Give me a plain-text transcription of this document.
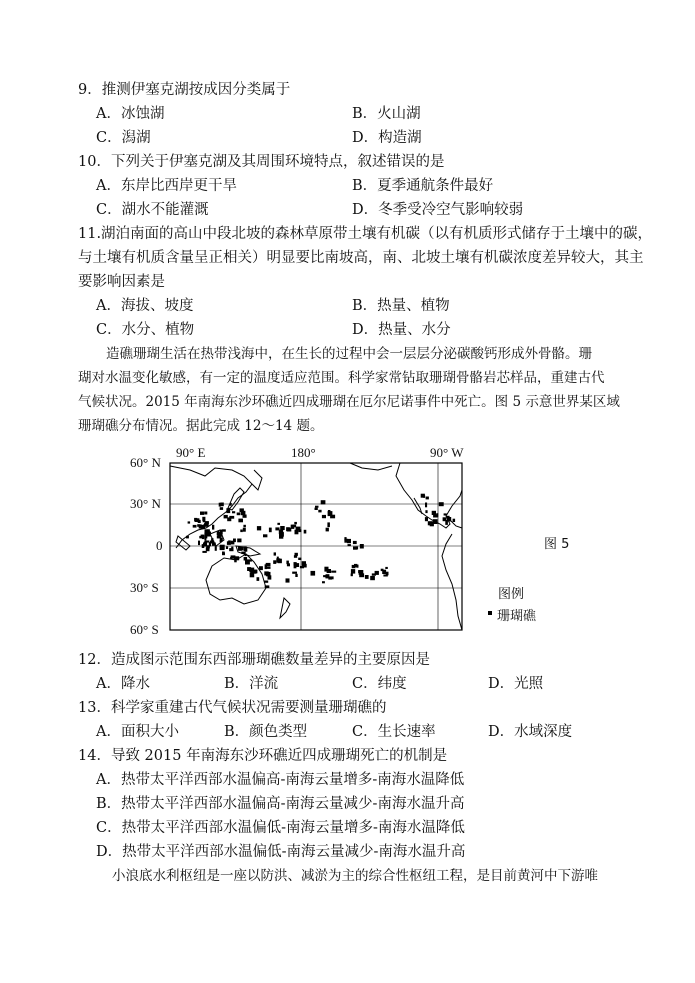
9．推测伊塞克湖按成因分类属于
A．冰蚀湖	B．火山湖
C．潟湖	D．构造湖
10．下列关于伊塞克湖及其周围环境特点，叙述错误的是
A．东岸比西岸更干旱	B．夏季通航条件最好
C．湖水不能灌溉	D．冬季受冷空气影响较弱
11.湖泊南面的高山中段北坡的森林草原带土壤有机碳（以有机质形式储存于土壤中的碳，
与土壤有机质含量呈正相关）明显要比南坡高，南、北坡土壤有机碳浓度差异较大，其主
要影响因素是
A．海拔、坡度	B．热量、植物
C．水分、植物	D．热量、水分
造礁珊瑚生活在热带浅海中，在生长的过程中会一层层分泌碳酸钙形成外骨骼。珊
瑚对水温变化敏感，有一定的温度适应范围。科学家常钻取珊瑚骨骼岩芯样品，重建古代
气候状况。2015 年南海东沙环礁近四成珊瑚在厄尔尼诺事件中死亡。图 5 示意世界某区域
珊瑚礁分布情况。据此完成 12～14 题。
90° E	180°	90° W
60° N
30° N
0
30° S
60° S
图 5
图例
珊瑚礁
12．造成图示范围东西部珊瑚礁数量差异的主要原因是
A．降水	B．洋流	C．纬度	D．光照
13．科学家重建古代气候状况需要测量珊瑚礁的
A．面积大小	B．颜色类型	C．生长速率	D．水域深度
14．导致 2015 年南海东沙环礁近四成珊瑚死亡的机制是
A．热带太平洋西部水温偏高-南海云量增多-南海水温降低
B．热带太平洋西部水温偏高-南海云量减少-南海水温升高
C．热带太平洋西部水温偏低-南海云量增多-南海水温降低
D．热带太平洋西部水温偏低-南海云量减少-南海水温升高
小浪底水利枢纽是一座以防洪、减淤为主的综合性枢纽工程，是目前黄河中下游唯
